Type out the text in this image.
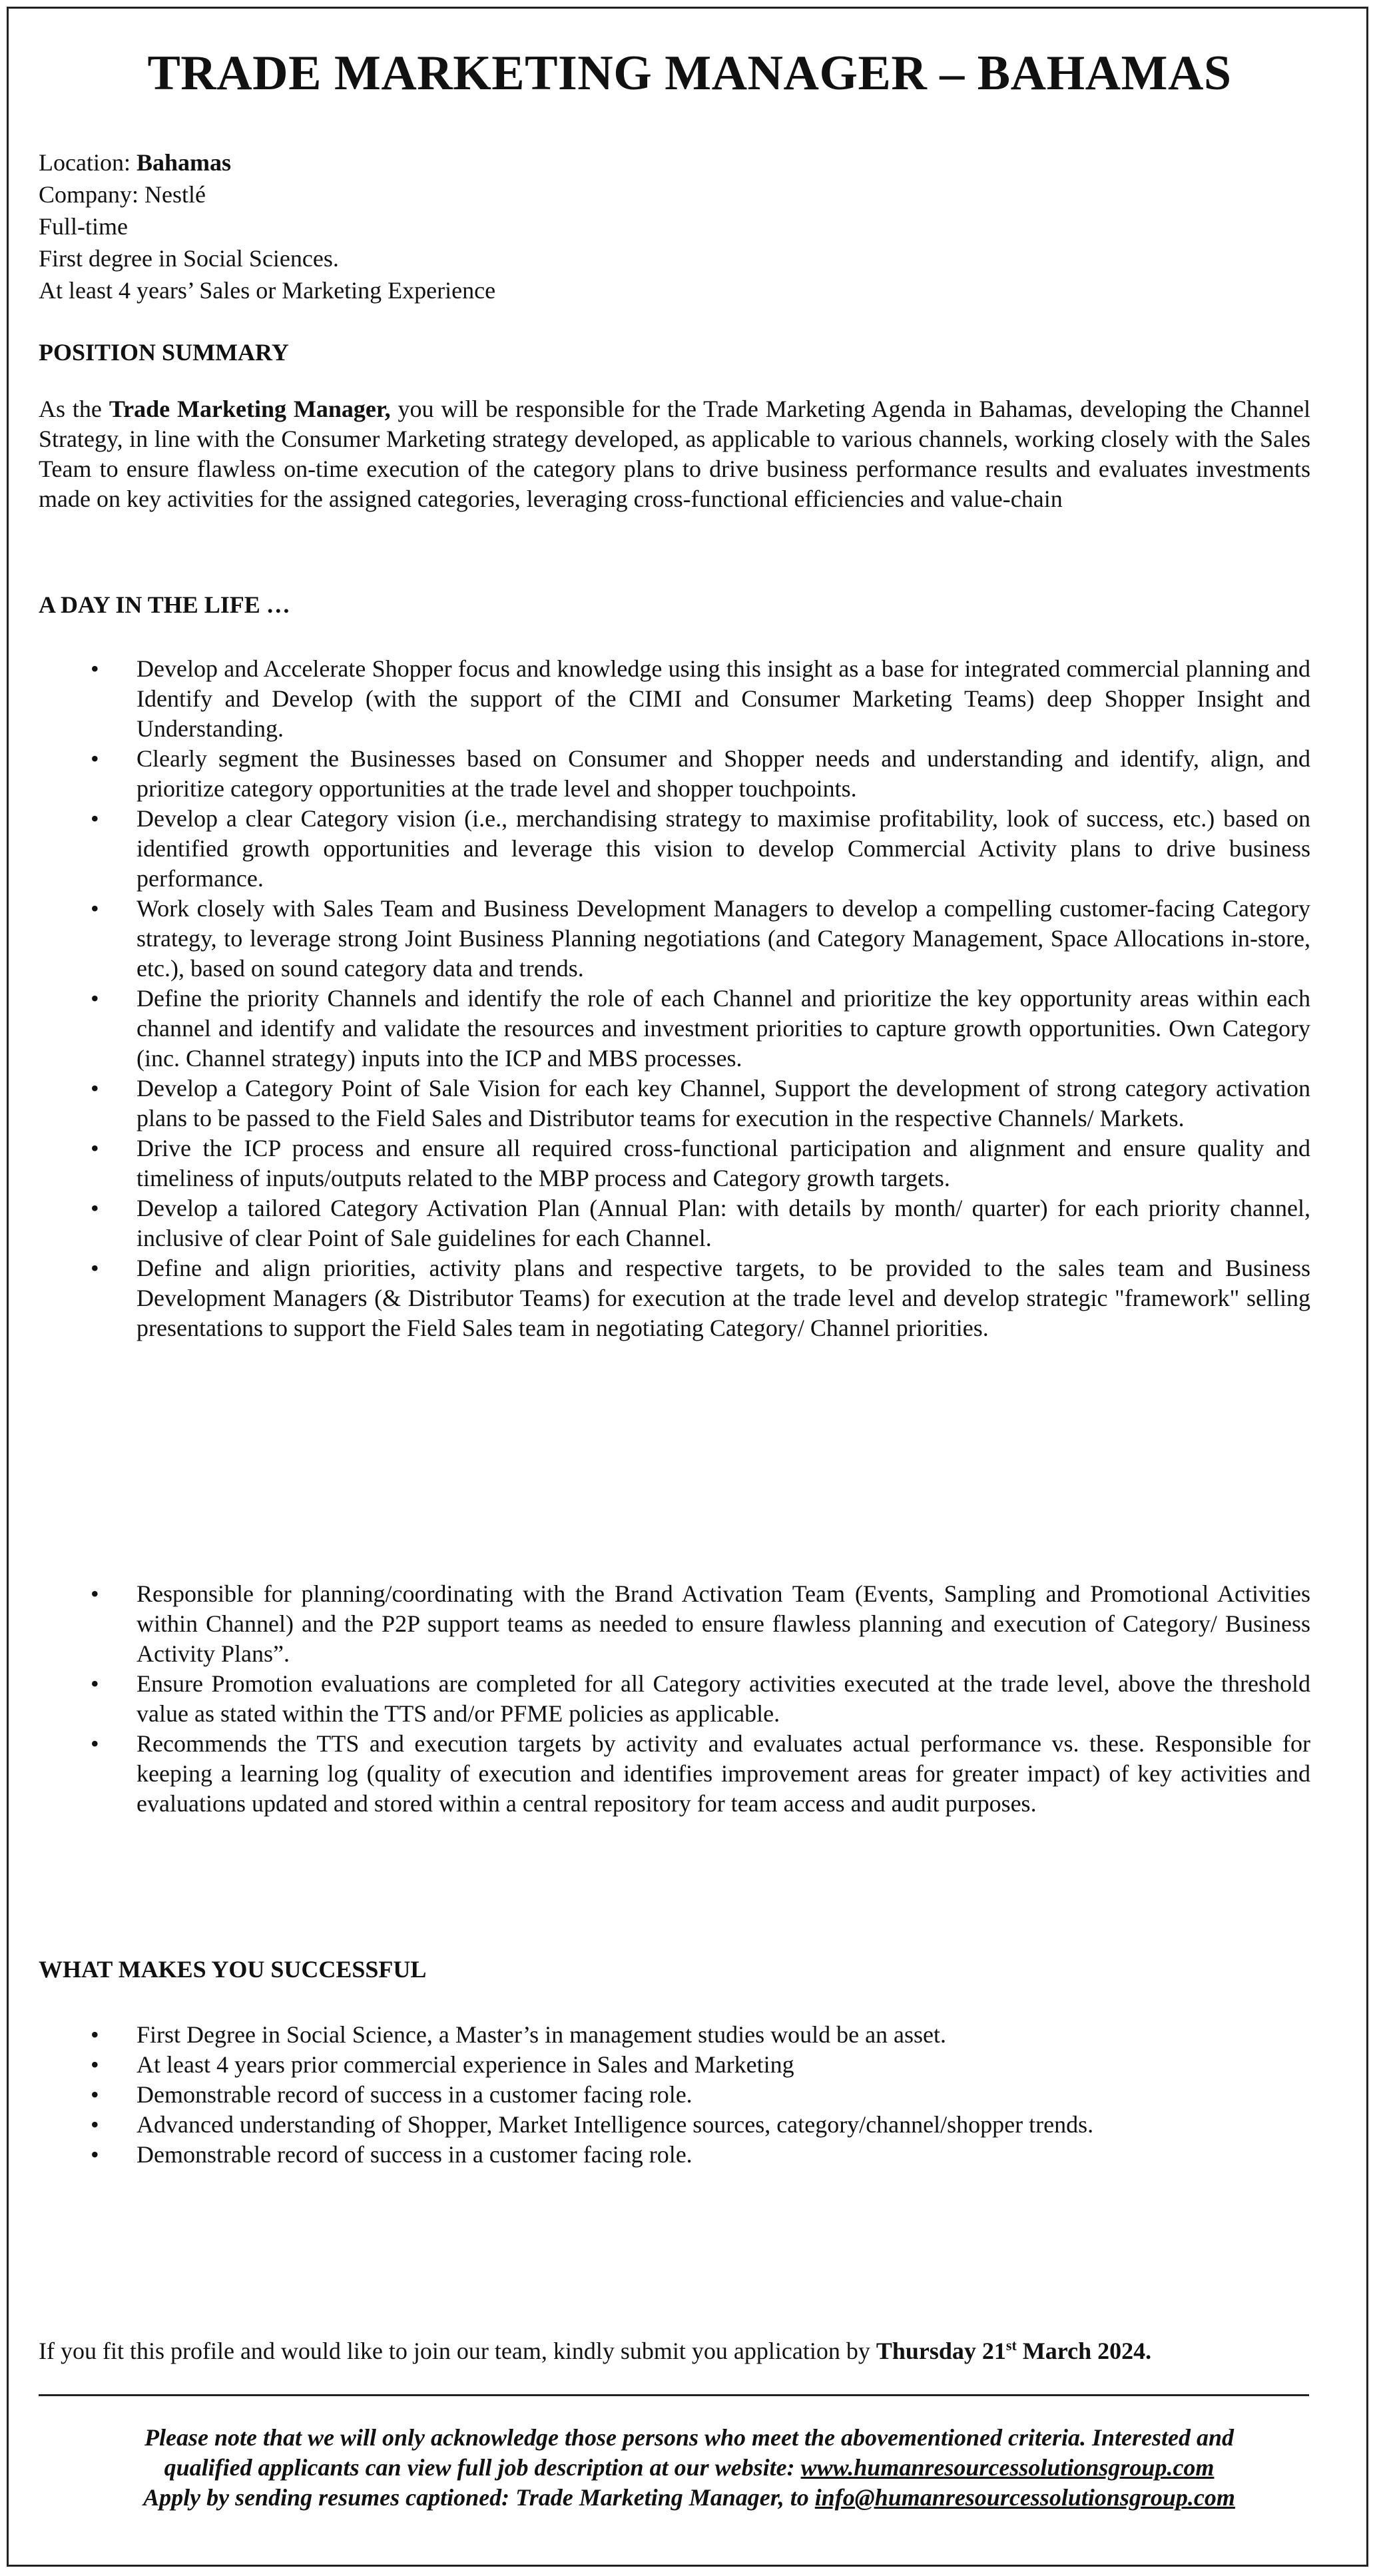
TRADE MARKETING MANAGER – BAHAMAS
Location: Bahamas
Company: Nestlé
Full-time
First degree in Social Sciences.
At least 4 years’ Sales or Marketing Experience
POSITION SUMMARY

As the Trade Marketing Manager, you will be responsible for the Trade Marketing Agenda in Bahamas, developing the Channel Strategy, in line with the Consumer Marketing strategy developed, as applicable to various channels, working closely with the Sales Team to ensure flawless on-time execution of the category plans to drive business performance results and evaluates investments made on key activities for the assigned categories, leveraging cross-functional efficiencies and value-chain

A DAY IN THE LIFE …
• Develop and Accelerate Shopper focus and knowledge using this insight as a base for integrated commercial planning and Identify and Develop (with the support of the CIMI and Consumer Marketing Teams) deep Shopper Insight and Understanding.
• Clearly segment the Businesses based on Consumer and Shopper needs and understanding and identify, align, and prioritize category opportunities at the trade level and shopper touchpoints.
• Develop a clear Category vision (i.e., merchandising strategy to maximise profitability, look of success, etc.) based on identified growth opportunities and leverage this vision to develop Commercial Activity plans to drive business performance.
• Work closely with Sales Team and Business Development Managers to develop a compelling customer-facing Category strategy, to leverage strong Joint Business Planning negotiations (and Category Management, Space Allocations in-store, etc.), based on sound category data and trends.
• Define the priority Channels and identify the role of each Channel and prioritize the key opportunity areas within each channel and identify and validate the resources and investment priorities to capture growth opportunities. Own Category (inc. Channel strategy) inputs into the ICP and MBS processes.
• Develop a Category Point of Sale Vision for each key Channel, Support the development of strong category activation plans to be passed to the Field Sales and Distributor teams for execution in the respective Channels/ Markets.
• Drive the ICP process and ensure all required cross-functional participation and alignment and ensure quality and timeliness of inputs/outputs related to the MBP process and Category growth targets.
• Develop a tailored Category Activation Plan (Annual Plan: with details by month/ quarter) for each priority channel, inclusive of clear Point of Sale guidelines for each Channel.
• Define and align priorities, activity plans and respective targets, to be provided to the sales team and Business Development Managers (& Distributor Teams) for execution at the trade level and develop strategic "framework" selling presentations to support the Field Sales team in negotiating Category/ Channel priorities.
• Responsible for planning/coordinating with the Brand Activation Team (Events, Sampling and Promotional Activities within Channel) and the P2P support teams as needed to ensure flawless planning and execution of Category/ Business Activity Plans”.
• Ensure Promotion evaluations are completed for all Category activities executed at the trade level, above the threshold value as stated within the TTS and/or PFME policies as applicable.
• Recommends the TTS and execution targets by activity and evaluates actual performance vs. these. Responsible for keeping a learning log (quality of execution and identifies improvement areas for greater impact) of key activities and evaluations updated and stored within a central repository for team access and audit purposes.
WHAT MAKES YOU SUCCESSFUL
• First Degree in Social Science, a Master’s in management studies would be an asset.
• At least 4 years prior commercial experience in Sales and Marketing
• Demonstrable record of success in a customer facing role.
• Advanced understanding of Shopper, Market Intelligence sources, category/channel/shopper trends.
• Demonstrable record of success in a customer facing role.
If you fit this profile and would like to join our team, kindly submit you application by Thursday 21st March 2024.
Please note that we will only acknowledge those persons who meet the abovementioned criteria. Interested and
qualified applicants can view full job description at our website: www.humanresourcessolutionsgroup.com
Apply by sending resumes captioned: Trade Marketing Manager, to info@humanresourcessolutionsgroup.com
